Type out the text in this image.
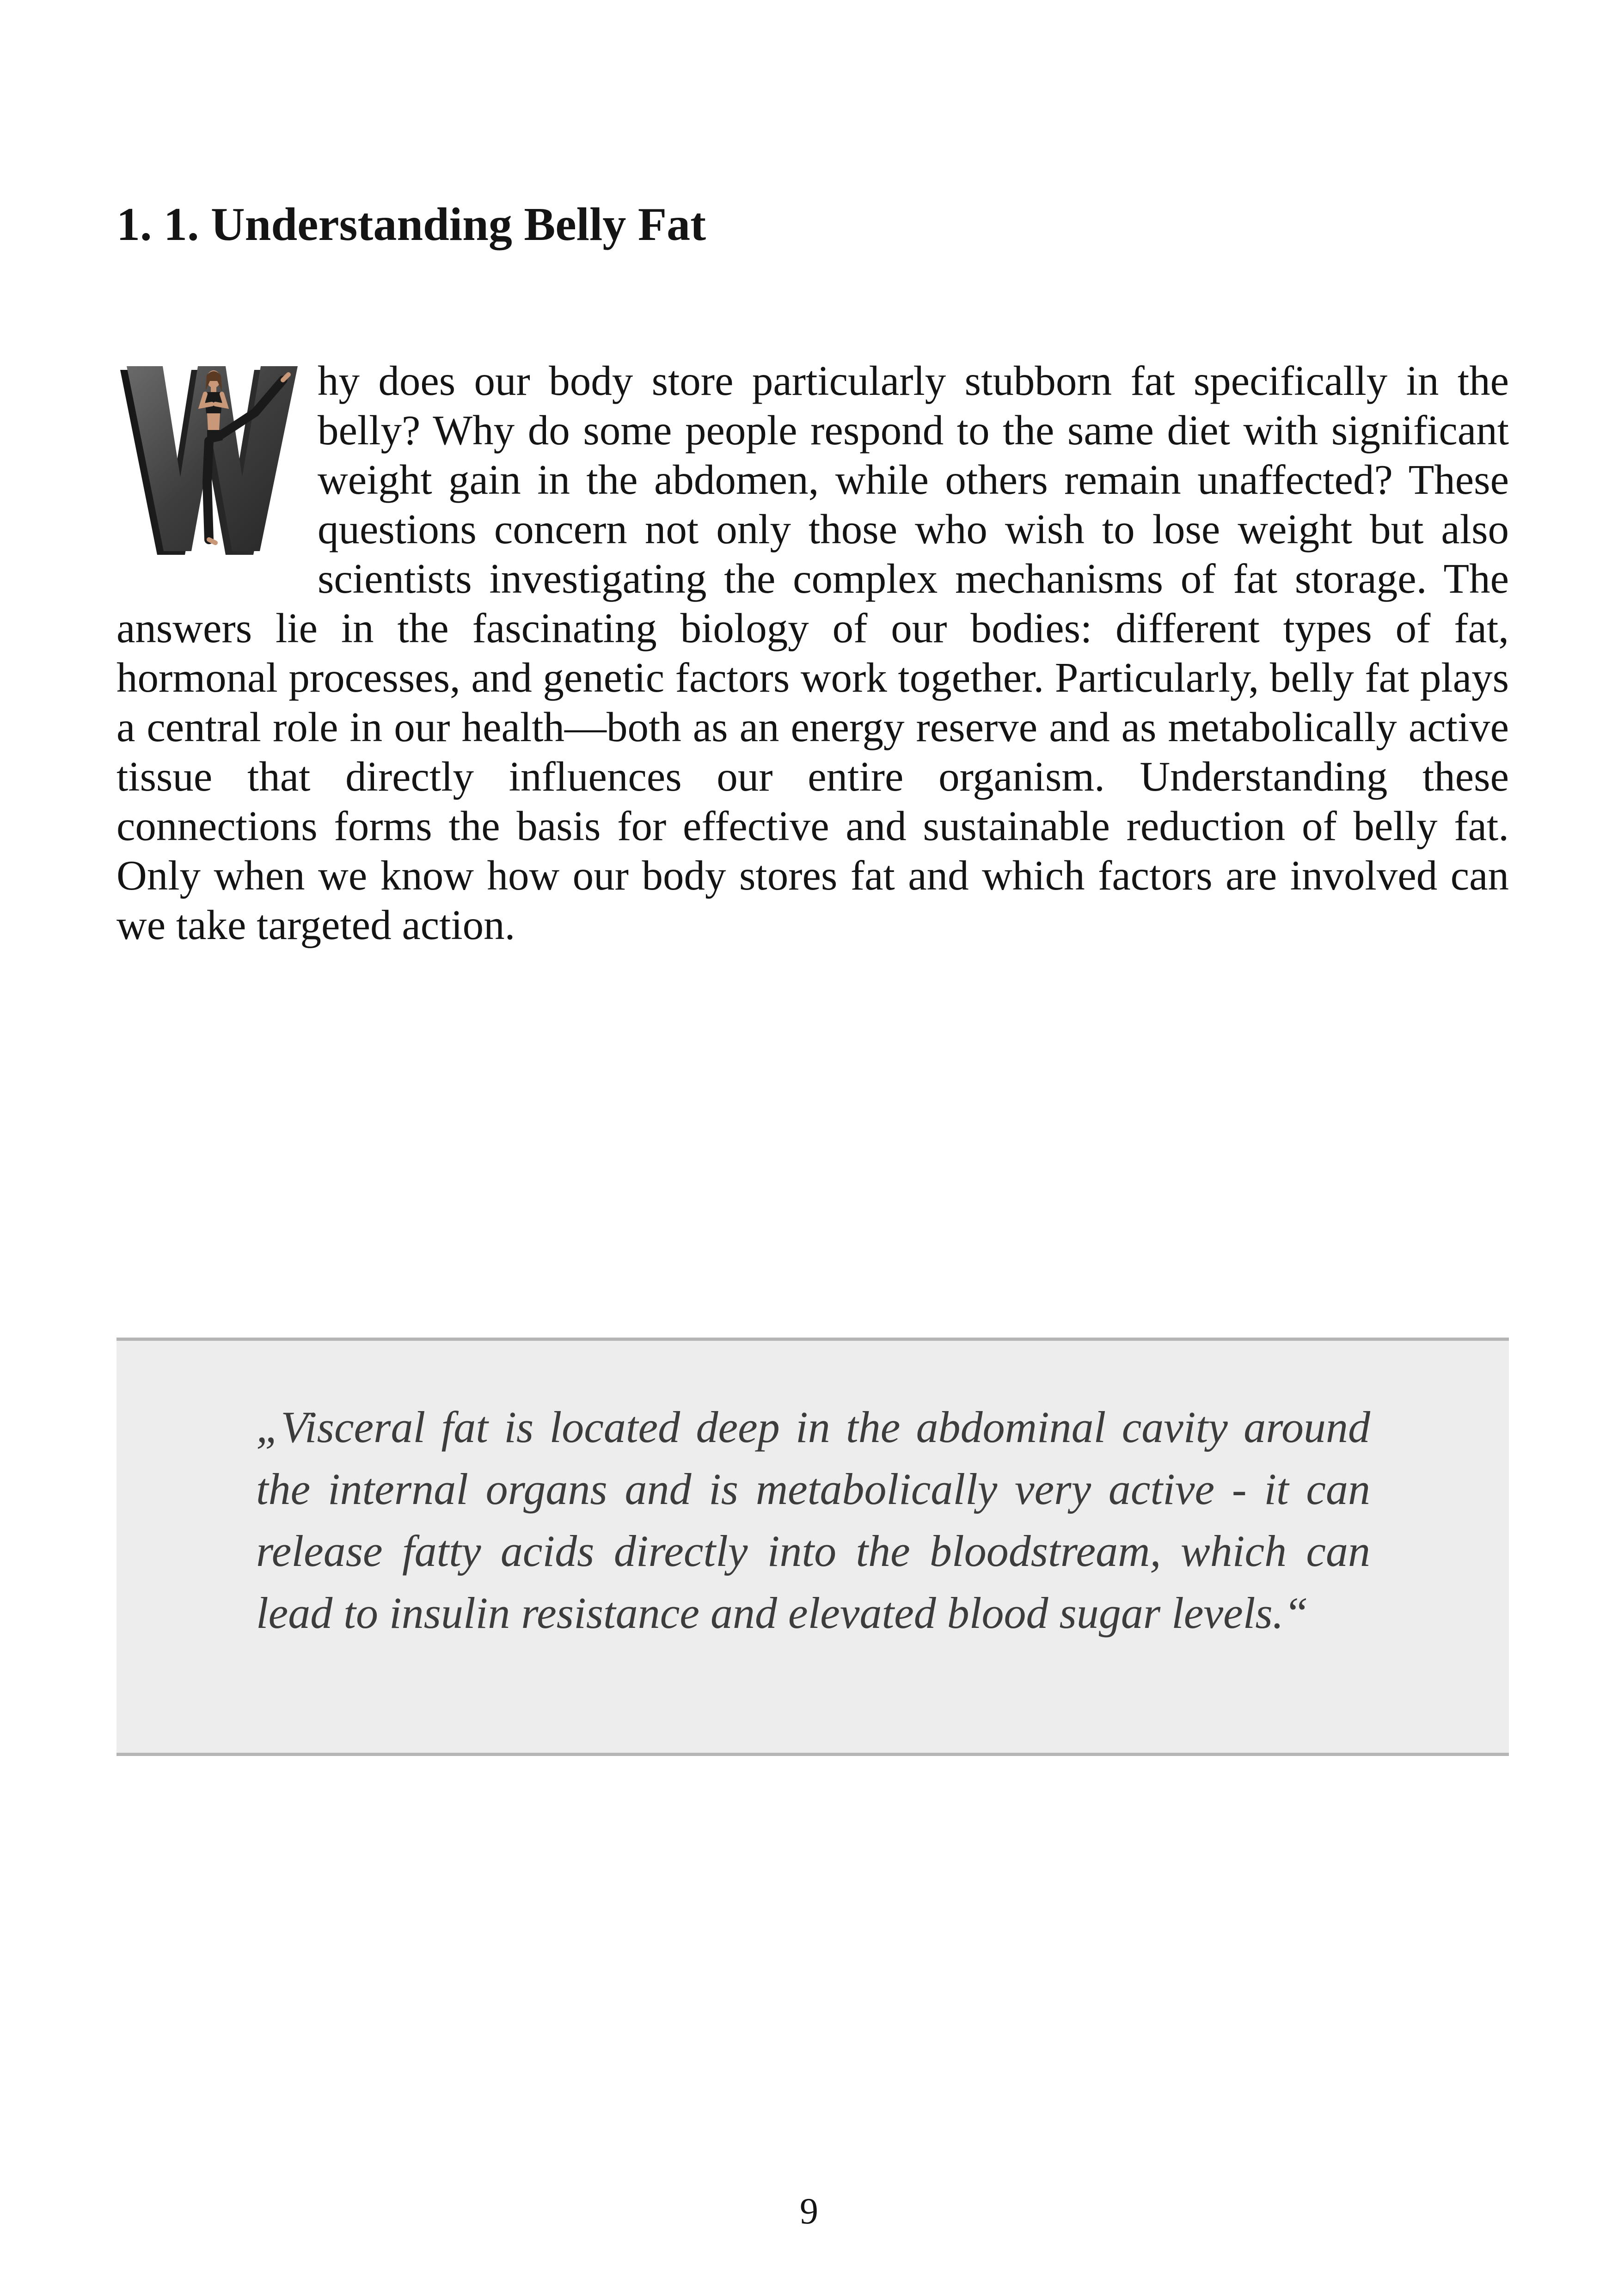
1. 1. Understanding Belly Fat

hy does our body store particularly stubborn fat specifically in the belly? Why do some people respond to the same diet with significant weight gain in the abdomen, while others remain unaffected? These questions concern not only those who wish to lose weight but also scientists investigating the complex mechanisms of fat storage. The answers lie in the fascinating biology of our bodies: different types of fat, hormonal processes, and genetic factors work together. Particularly, belly fat plays a central role in our health—both as an energy reserve and as metabolically active tissue that directly influences our entire organism. Understanding these connections forms the basis for effective and sustainable reduction of belly fat. Only when we know how our body stores fat and which factors are involved can we take targeted action.

„Visceral fat is located deep in the abdominal cavity around the internal organs and is metabolically very active - it can release fatty acids directly into the bloodstream, which can lead to insulin resistance and elevated blood sugar levels.“

9
